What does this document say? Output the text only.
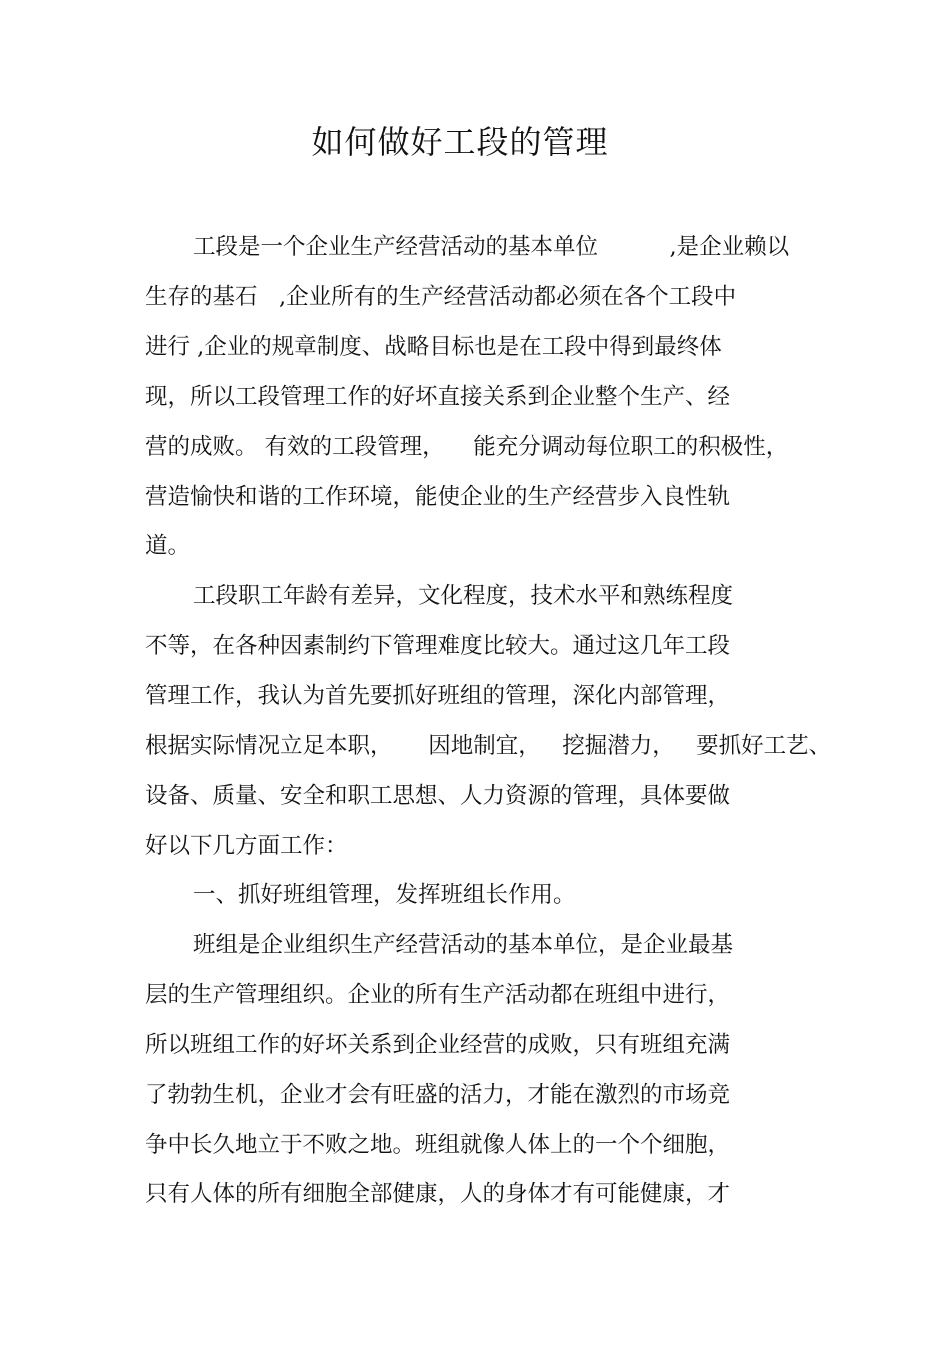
如何做好工段的管理
工段是一个企业生产经营活动的基本单位          ,是企业赖以
生存的基石   ,企业所有的生产经营活动都必须在各个工段中
进行 ,企业的规章制度、战略目标也是在工段中得到最终体
现，所以工段管理工作的好坏直接关系到企业整个生产、经
营的成败。 有效的工段管理，    能充分调动每位职工的积极性，
营造愉快和谐的工作环境，能使企业的生产经营步入良性轨
道。
工段职工年龄有差异，文化程度，技术水平和熟练程度
不等，在各种因素制约下管理难度比较大。通过这几年工段
管理工作，我认为首先要抓好班组的管理，深化内部管理，
根据实际情况立足本职，     因地制宜，   挖掘潜力，   要抓好工艺、
设备、质量、安全和职工思想、人力资源的管理，具体要做
好以下几方面工作：
一、抓好班组管理，发挥班组长作用。
班组是企业组织生产经营活动的基本单位，是企业最基
层的生产管理组织。企业的所有生产活动都在班组中进行，
所以班组工作的好坏关系到企业经营的成败，只有班组充满
了勃勃生机，企业才会有旺盛的活力，才能在激烈的市场竞
争中长久地立于不败之地。班组就像人体上的一个个细胞，
只有人体的所有细胞全部健康，人的身体才有可能健康，才
